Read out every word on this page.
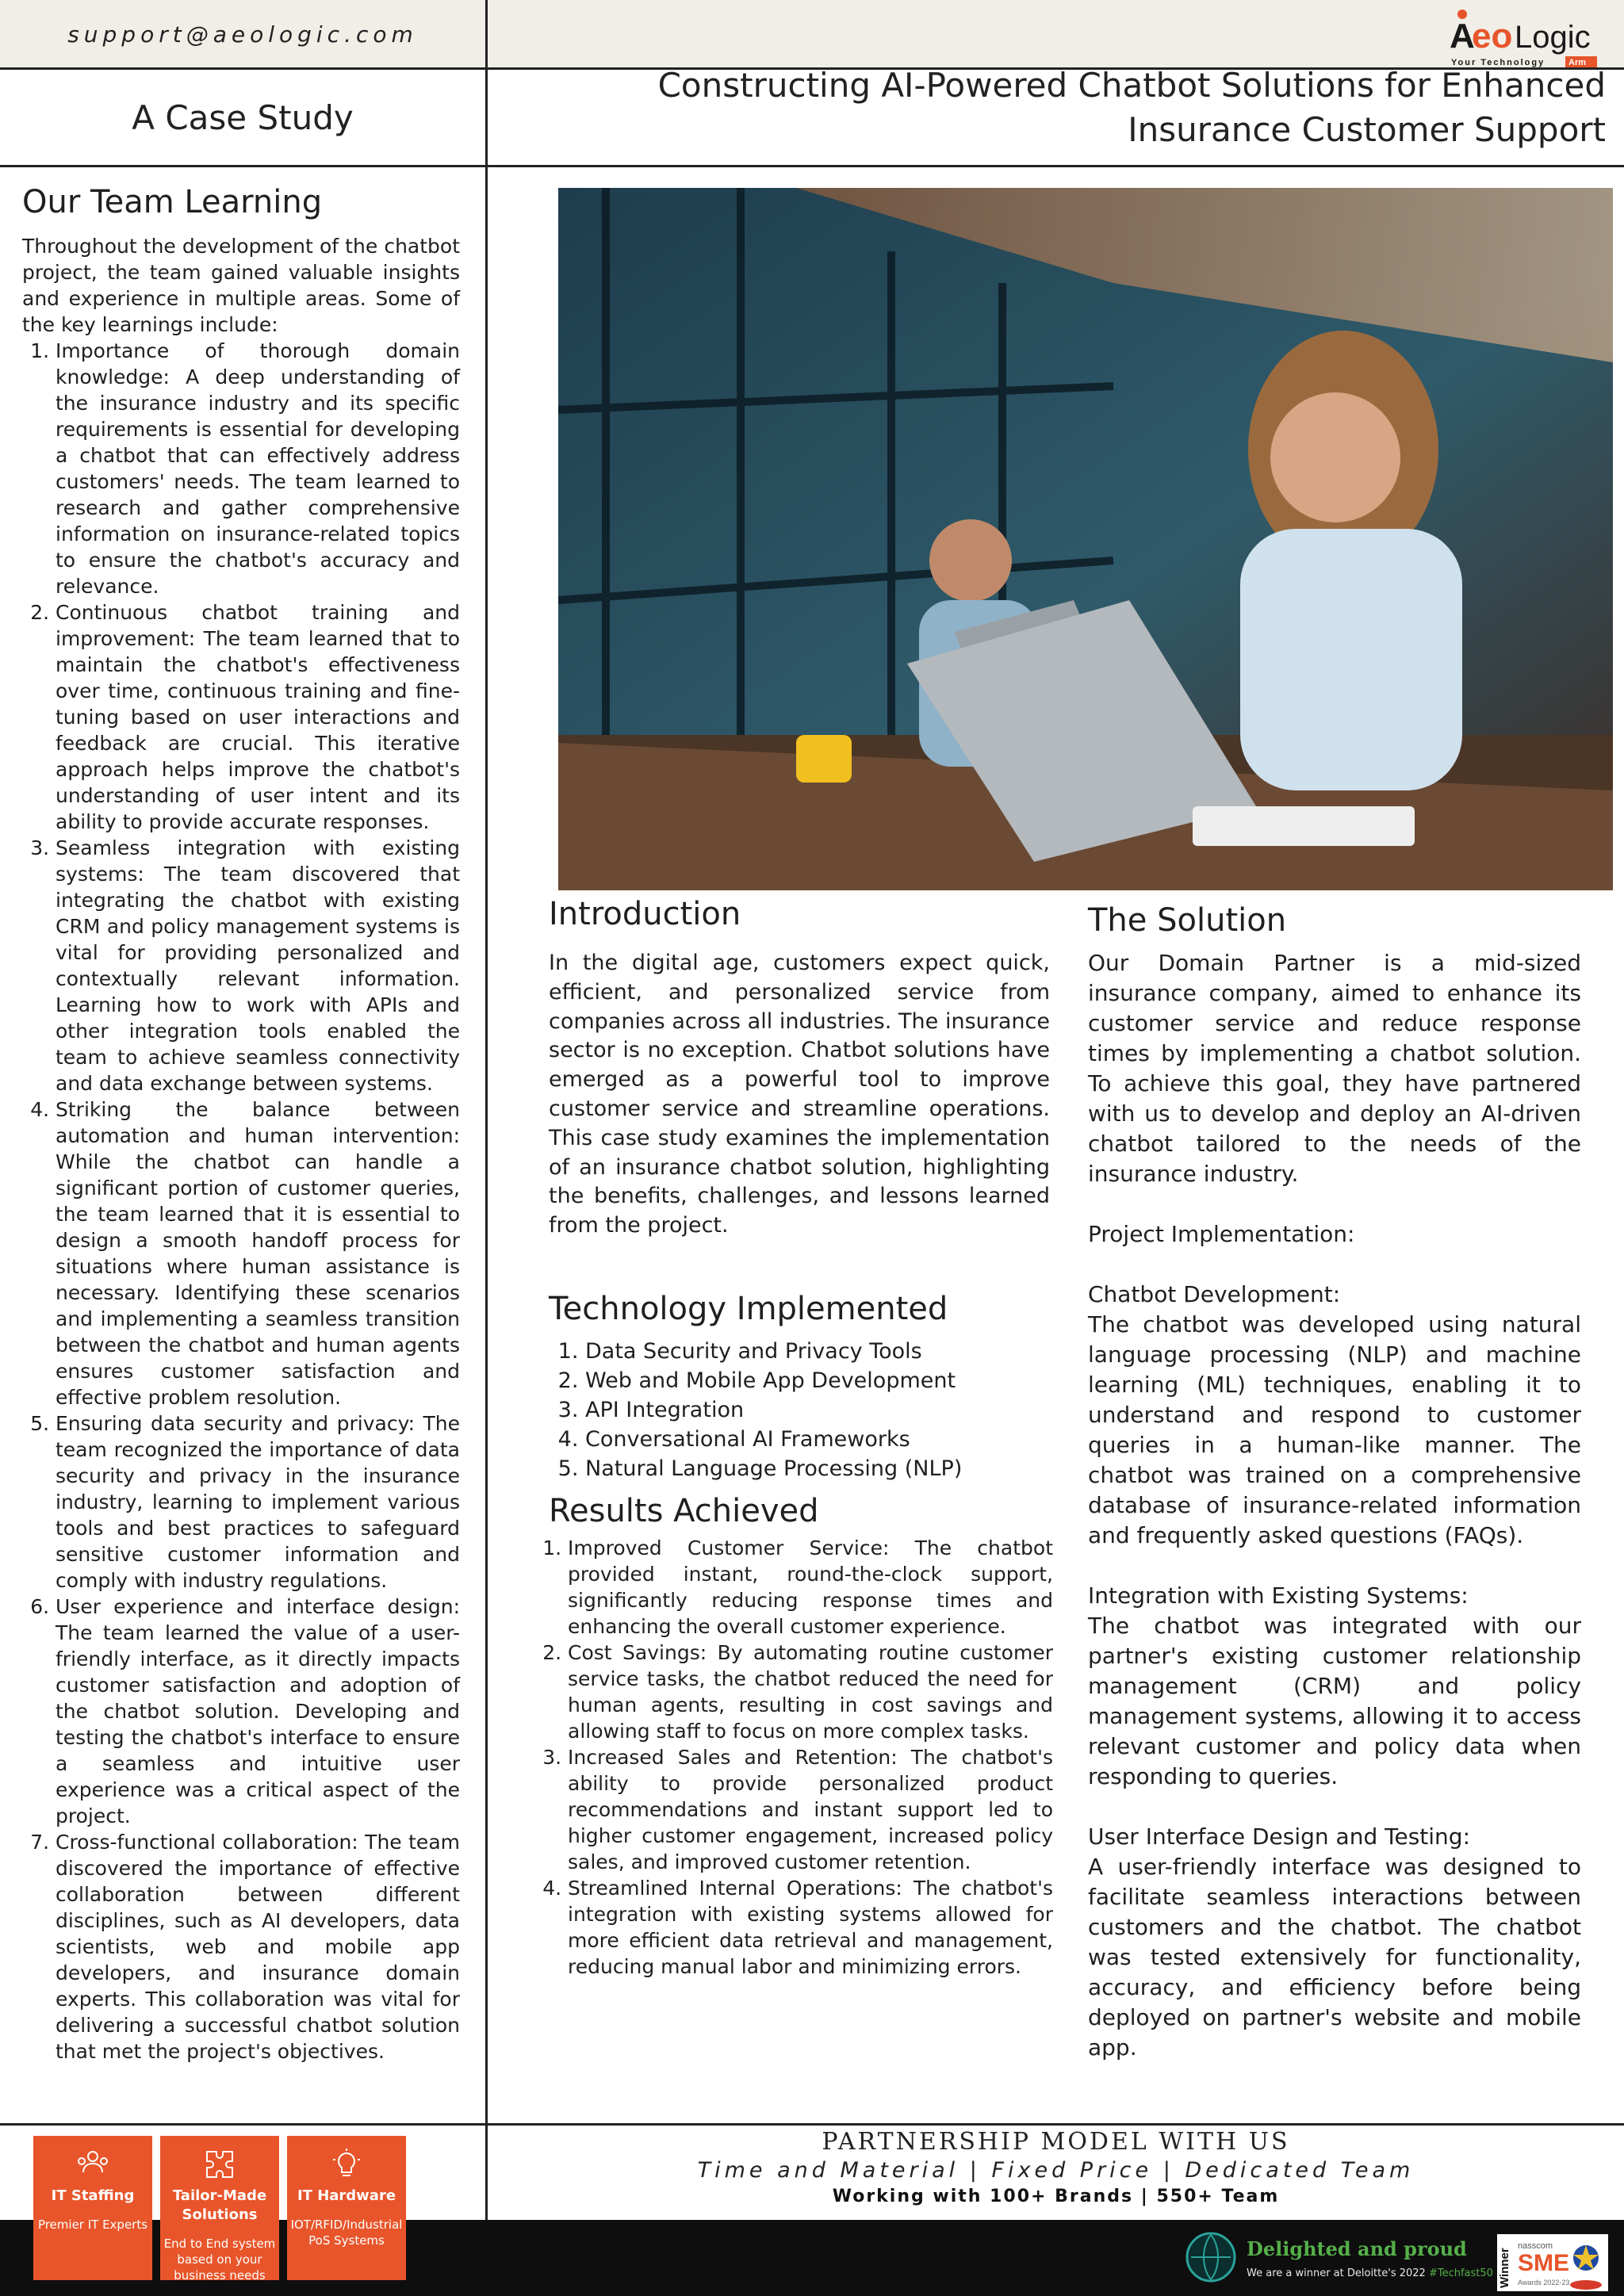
support@aeologic.com	A
eo Logic
Your Technology	Arm
A Case Study
Constructing AI-Powered Chatbot Solutions for Enhanced Insurance Customer Support
Our Team Learning
Throughout the development of the chatbot project, the team gained valuable insights and experience in multiple areas. Some of the key learnings include:
1. Importance of thorough domain knowledge: A deep understanding of the insurance industry and its specific requirements is essential for developing a chatbot that can effectively address customers' needs. The team learned to research and gather comprehensive information on insurance-related topics to ensure the chatbot's accuracy and relevance.
2. Continuous chatbot training and improvement: The team learned that to maintain the chatbot's effectiveness over time, continuous training and fine-tuning based on user interactions and feedback are crucial. This iterative approach helps improve the chatbot's understanding of user intent and its ability to provide accurate responses.
3. Seamless integration with existing systems: The team discovered that integrating the chatbot with existing CRM and policy management systems is vital for providing personalized and contextually relevant information. Learning how to work with APIs and other integration tools enabled the team to achieve seamless connectivity and data exchange between systems.
4. Striking the balance between automation and human intervention: While the chatbot can handle a significant portion of customer queries, the team learned that it is essential to design a smooth handoff process for situations where human assistance is necessary. Identifying these scenarios and implementing a seamless transition between the chatbot and human agents ensures customer satisfaction and effective problem resolution.
5. Ensuring data security and privacy: The team recognized the importance of data security and privacy in the insurance industry, learning to implement various tools and best practices to safeguard sensitive customer information and comply with industry regulations.
6. User experience and interface design: The team learned the value of a user-friendly interface, as it directly impacts customer satisfaction and adoption of the chatbot solution. Developing and testing the chatbot's interface to ensure a seamless and intuitive user experience was a critical aspect of the project.
7. Cross-functional collaboration: The team discovered the importance of effective collaboration between different disciplines, such as AI developers, data scientists, web and mobile app developers, and insurance domain experts. This collaboration was vital for delivering a successful chatbot solution that met the project's objectives.
Introduction
In the digital age, customers expect quick, efficient, and personalized service from companies across all industries. The insurance sector is no exception. Chatbot solutions have emerged as a powerful tool to improve customer service and streamline operations. This case study examines the implementation of an insurance chatbot solution, highlighting the benefits, challenges, and lessons learned from the project.
Technology Implemented
1. Data Security and Privacy Tools
2. Web and Mobile App Development
3. API Integration
4. Conversational AI Frameworks
5. Natural Language Processing (NLP)
Results Achieved
1. Improved Customer Service: The chatbot provided instant, round-the-clock support, significantly reducing response times and enhancing the overall customer experience.
2. Cost Savings: By automating routine customer service tasks, the chatbot reduced the need for human agents, resulting in cost savings and allowing staff to focus on more complex tasks.
3. Increased Sales and Retention: The chatbot's ability to provide personalized product recommendations and instant support led to higher customer engagement, increased policy sales, and improved customer retention.
4. Streamlined Internal Operations: The chatbot's integration with existing systems allowed for more efficient data retrieval and management, reducing manual labor and minimizing errors.
The Solution

Our Domain Partner is a mid-sized insurance company, aimed to enhance its customer service and reduce response times by implementing a chatbot solution. To achieve this goal, they have partnered with us to develop and deploy an AI-driven chatbot tailored to the needs of the insurance industry.

Project Implementation:

Chatbot Development:

The chatbot was developed using natural language processing (NLP) and machine learning (ML) techniques, enabling it to understand and respond to customer queries in a human-like manner. The chatbot was trained on a comprehensive database of insurance-related information and frequently asked questions (FAQs).

Integration with Existing Systems:

The chatbot was integrated with our partner's existing customer relationship management (CRM) and policy management systems, allowing it to access relevant customer and policy data when responding to queries.

User Interface Design and Testing:

A user-friendly interface was designed to facilitate seamless interactions between customers and the chatbot. The chatbot was tested extensively for functionality, accuracy, and efficiency before being deployed on partner's website and mobile app.

PARTNERSHIP MODEL WITH US
Time and Material | Fixed Price | Dedicated Team
Working with 100+ Brands | 550+ Team
IT Staffing
Premier IT Experts
Tailor-Made Solutions
End to End system based on your business needs
IT Hardware
IOT/RFID/Industrial PoS Systems	Delighted and proud
We are a winner at Deloitte's 2022 #Techfast50 Winner
nasscom
SME
Awards 2022-23
